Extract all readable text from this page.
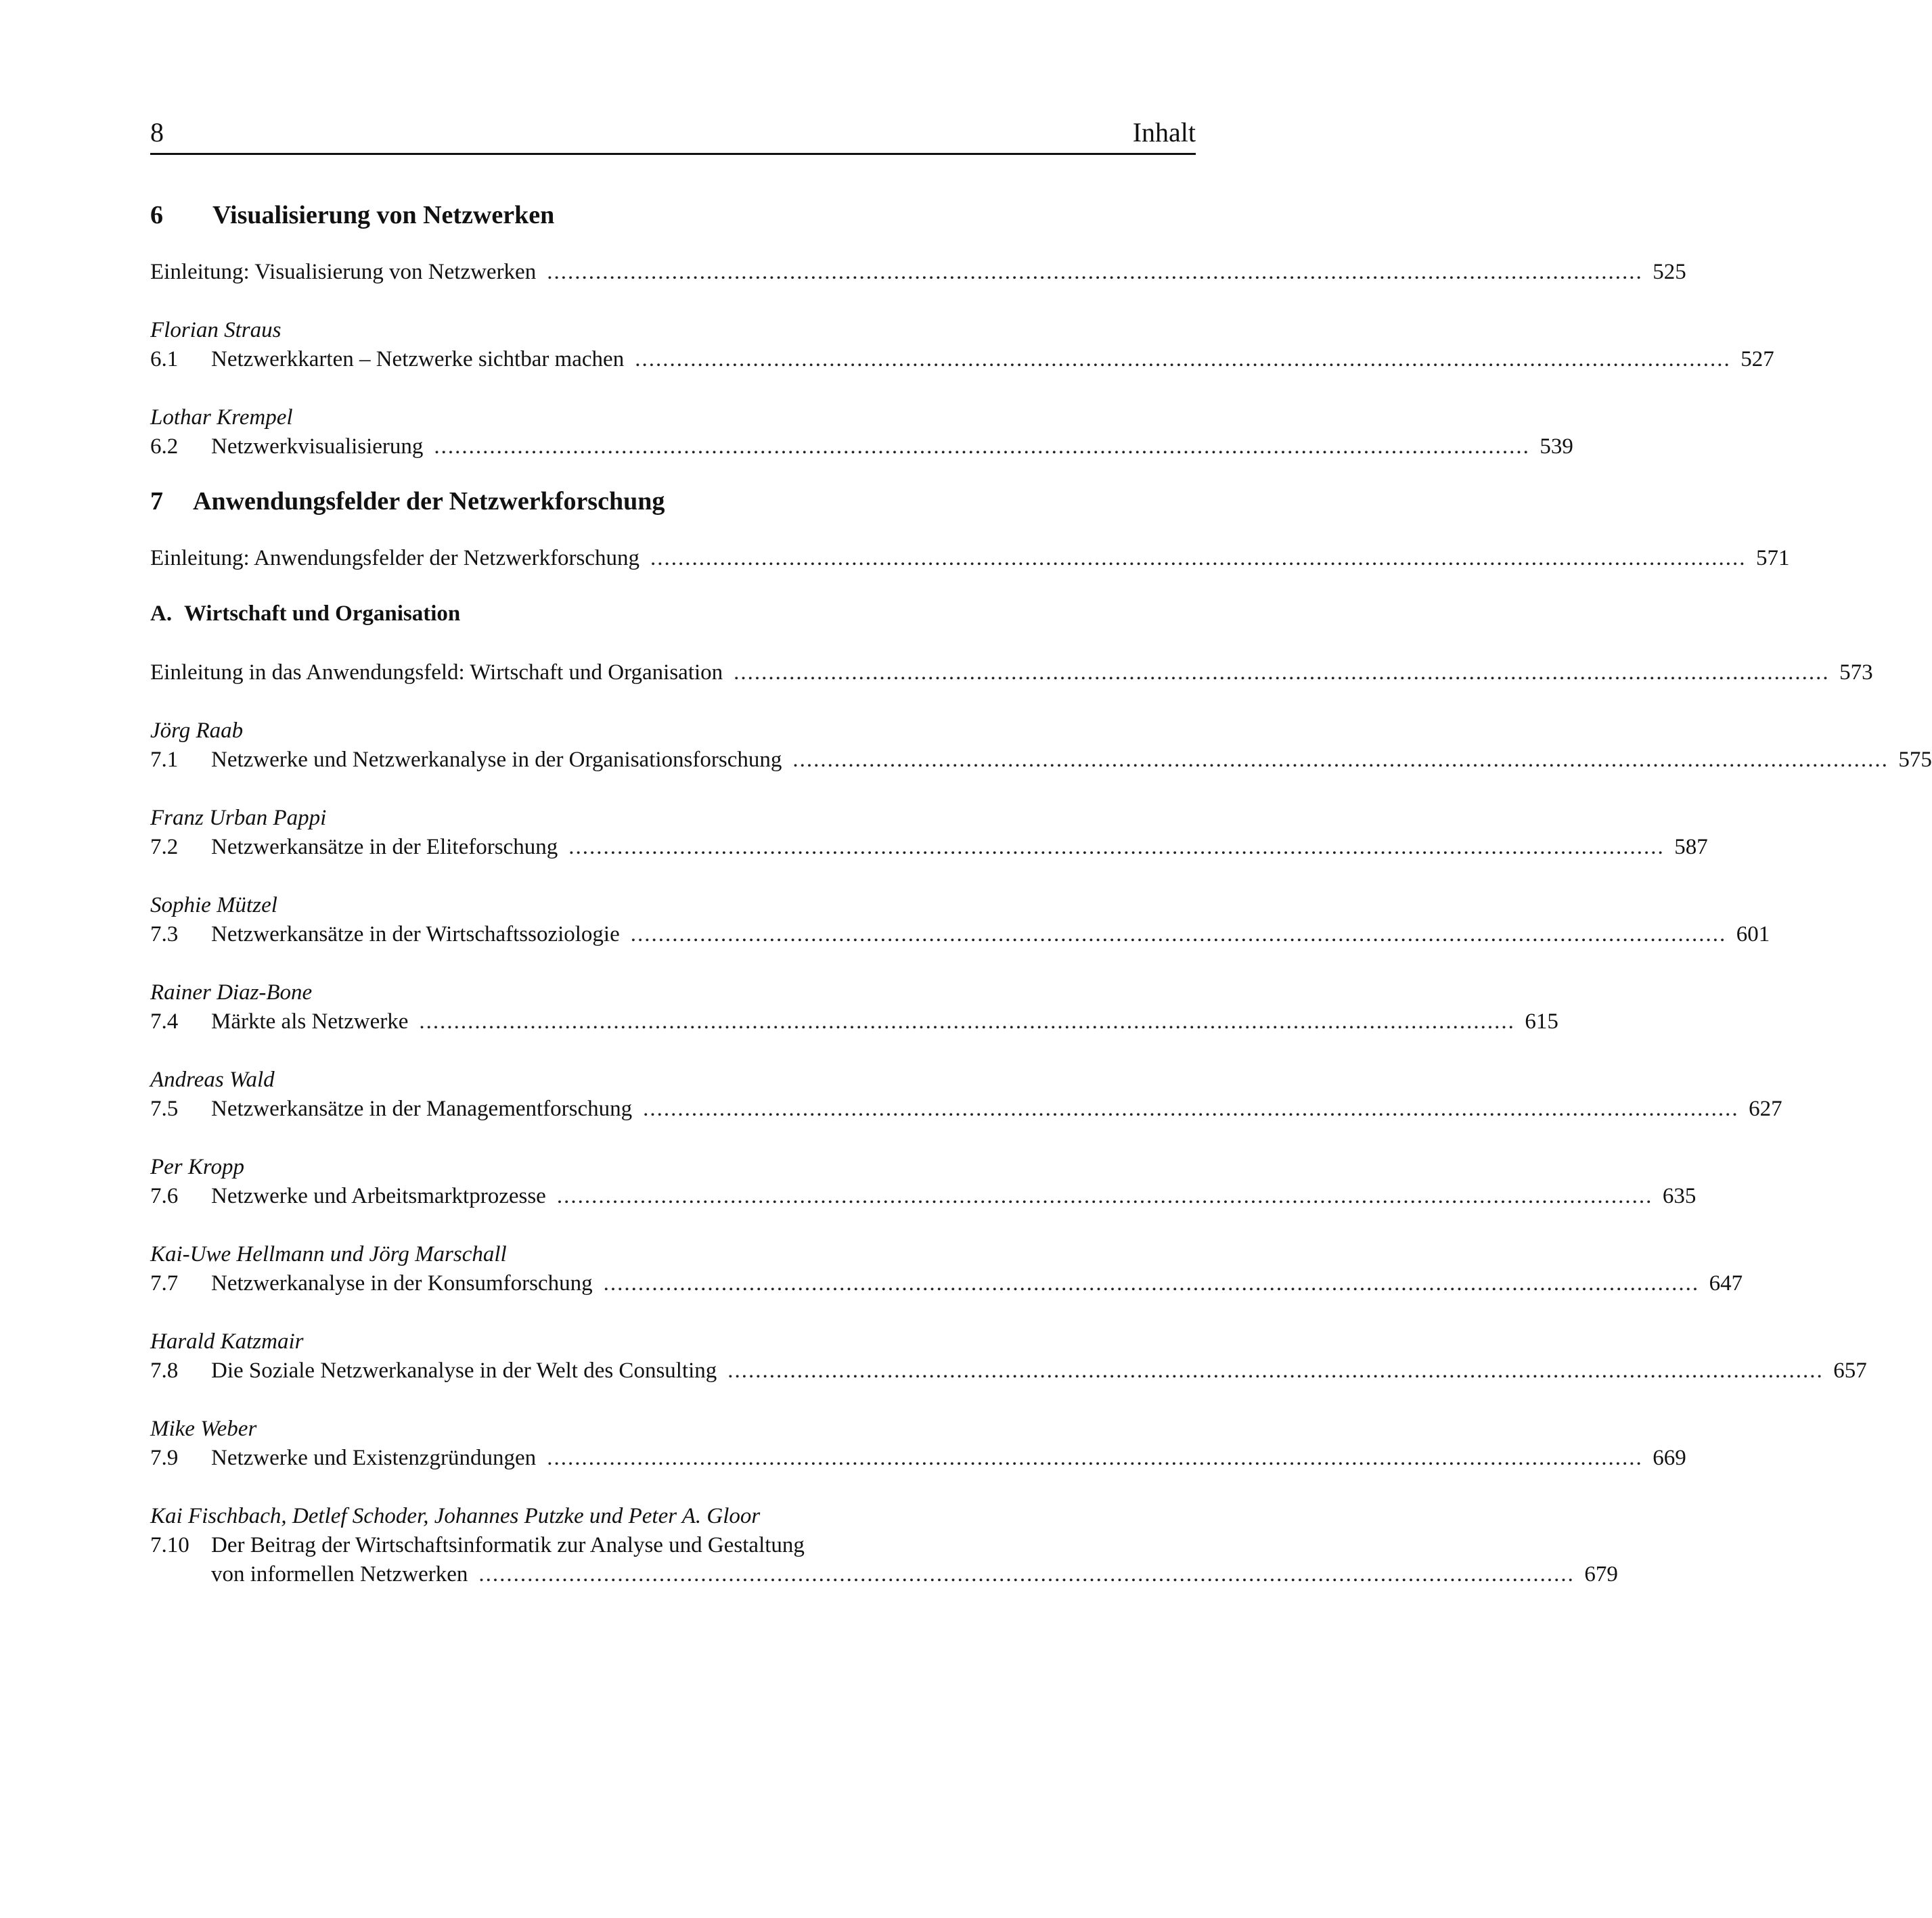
8	Inhalt
6	Visualisierung von Netzwerken
Einleitung: Visualisierung von Netzwerken .............................................................................................................................................................. 525
Florian Straus
6.1	Netzwerkkarten – Netzwerke sichtbar machen .............................................................................................................................................................. 527
Lothar Krempel
6.2	Netzwerkvisualisierung .............................................................................................................................................................. 539
7	Anwendungsfelder der Netzwerkforschung
Einleitung: Anwendungsfelder der Netzwerkforschung .............................................................................................................................................................. 571
A. Wirtschaft und Organisation
Einleitung in das Anwendungsfeld: Wirtschaft und Organisation .............................................................................................................................................................. 573
Jörg Raab
7.1	Netzwerke und Netzwerkanalyse in der Organisationsforschung .............................................................................................................................................................. 575
Franz Urban Pappi
7.2	Netzwerkansätze in der Eliteforschung .............................................................................................................................................................. 587
Sophie Mützel
7.3	Netzwerkansätze in der Wirtschaftssoziologie .............................................................................................................................................................. 601
Rainer Diaz-Bone
7.4	Märkte als Netzwerke .............................................................................................................................................................. 615
Andreas Wald
7.5	Netzwerkansätze in der Managementforschung .............................................................................................................................................................. 627
Per Kropp
7.6	Netzwerke und Arbeitsmarktprozesse .............................................................................................................................................................. 635
Kai-Uwe Hellmann und Jörg Marschall
7.7	Netzwerkanalyse in der Konsumforschung .............................................................................................................................................................. 647
Harald Katzmair
7.8	Die Soziale Netzwerkanalyse in der Welt des Consulting .............................................................................................................................................................. 657
Mike Weber
7.9	Netzwerke und Existenzgründungen .............................................................................................................................................................. 669
Kai Fischbach, Detlef Schoder, Johannes Putzke und Peter A. Gloor
7.10 Der Beitrag der Wirtschaftsinformatik zur Analyse und Gestaltung
von informellen Netzwerken .............................................................................................................................................................. 679
